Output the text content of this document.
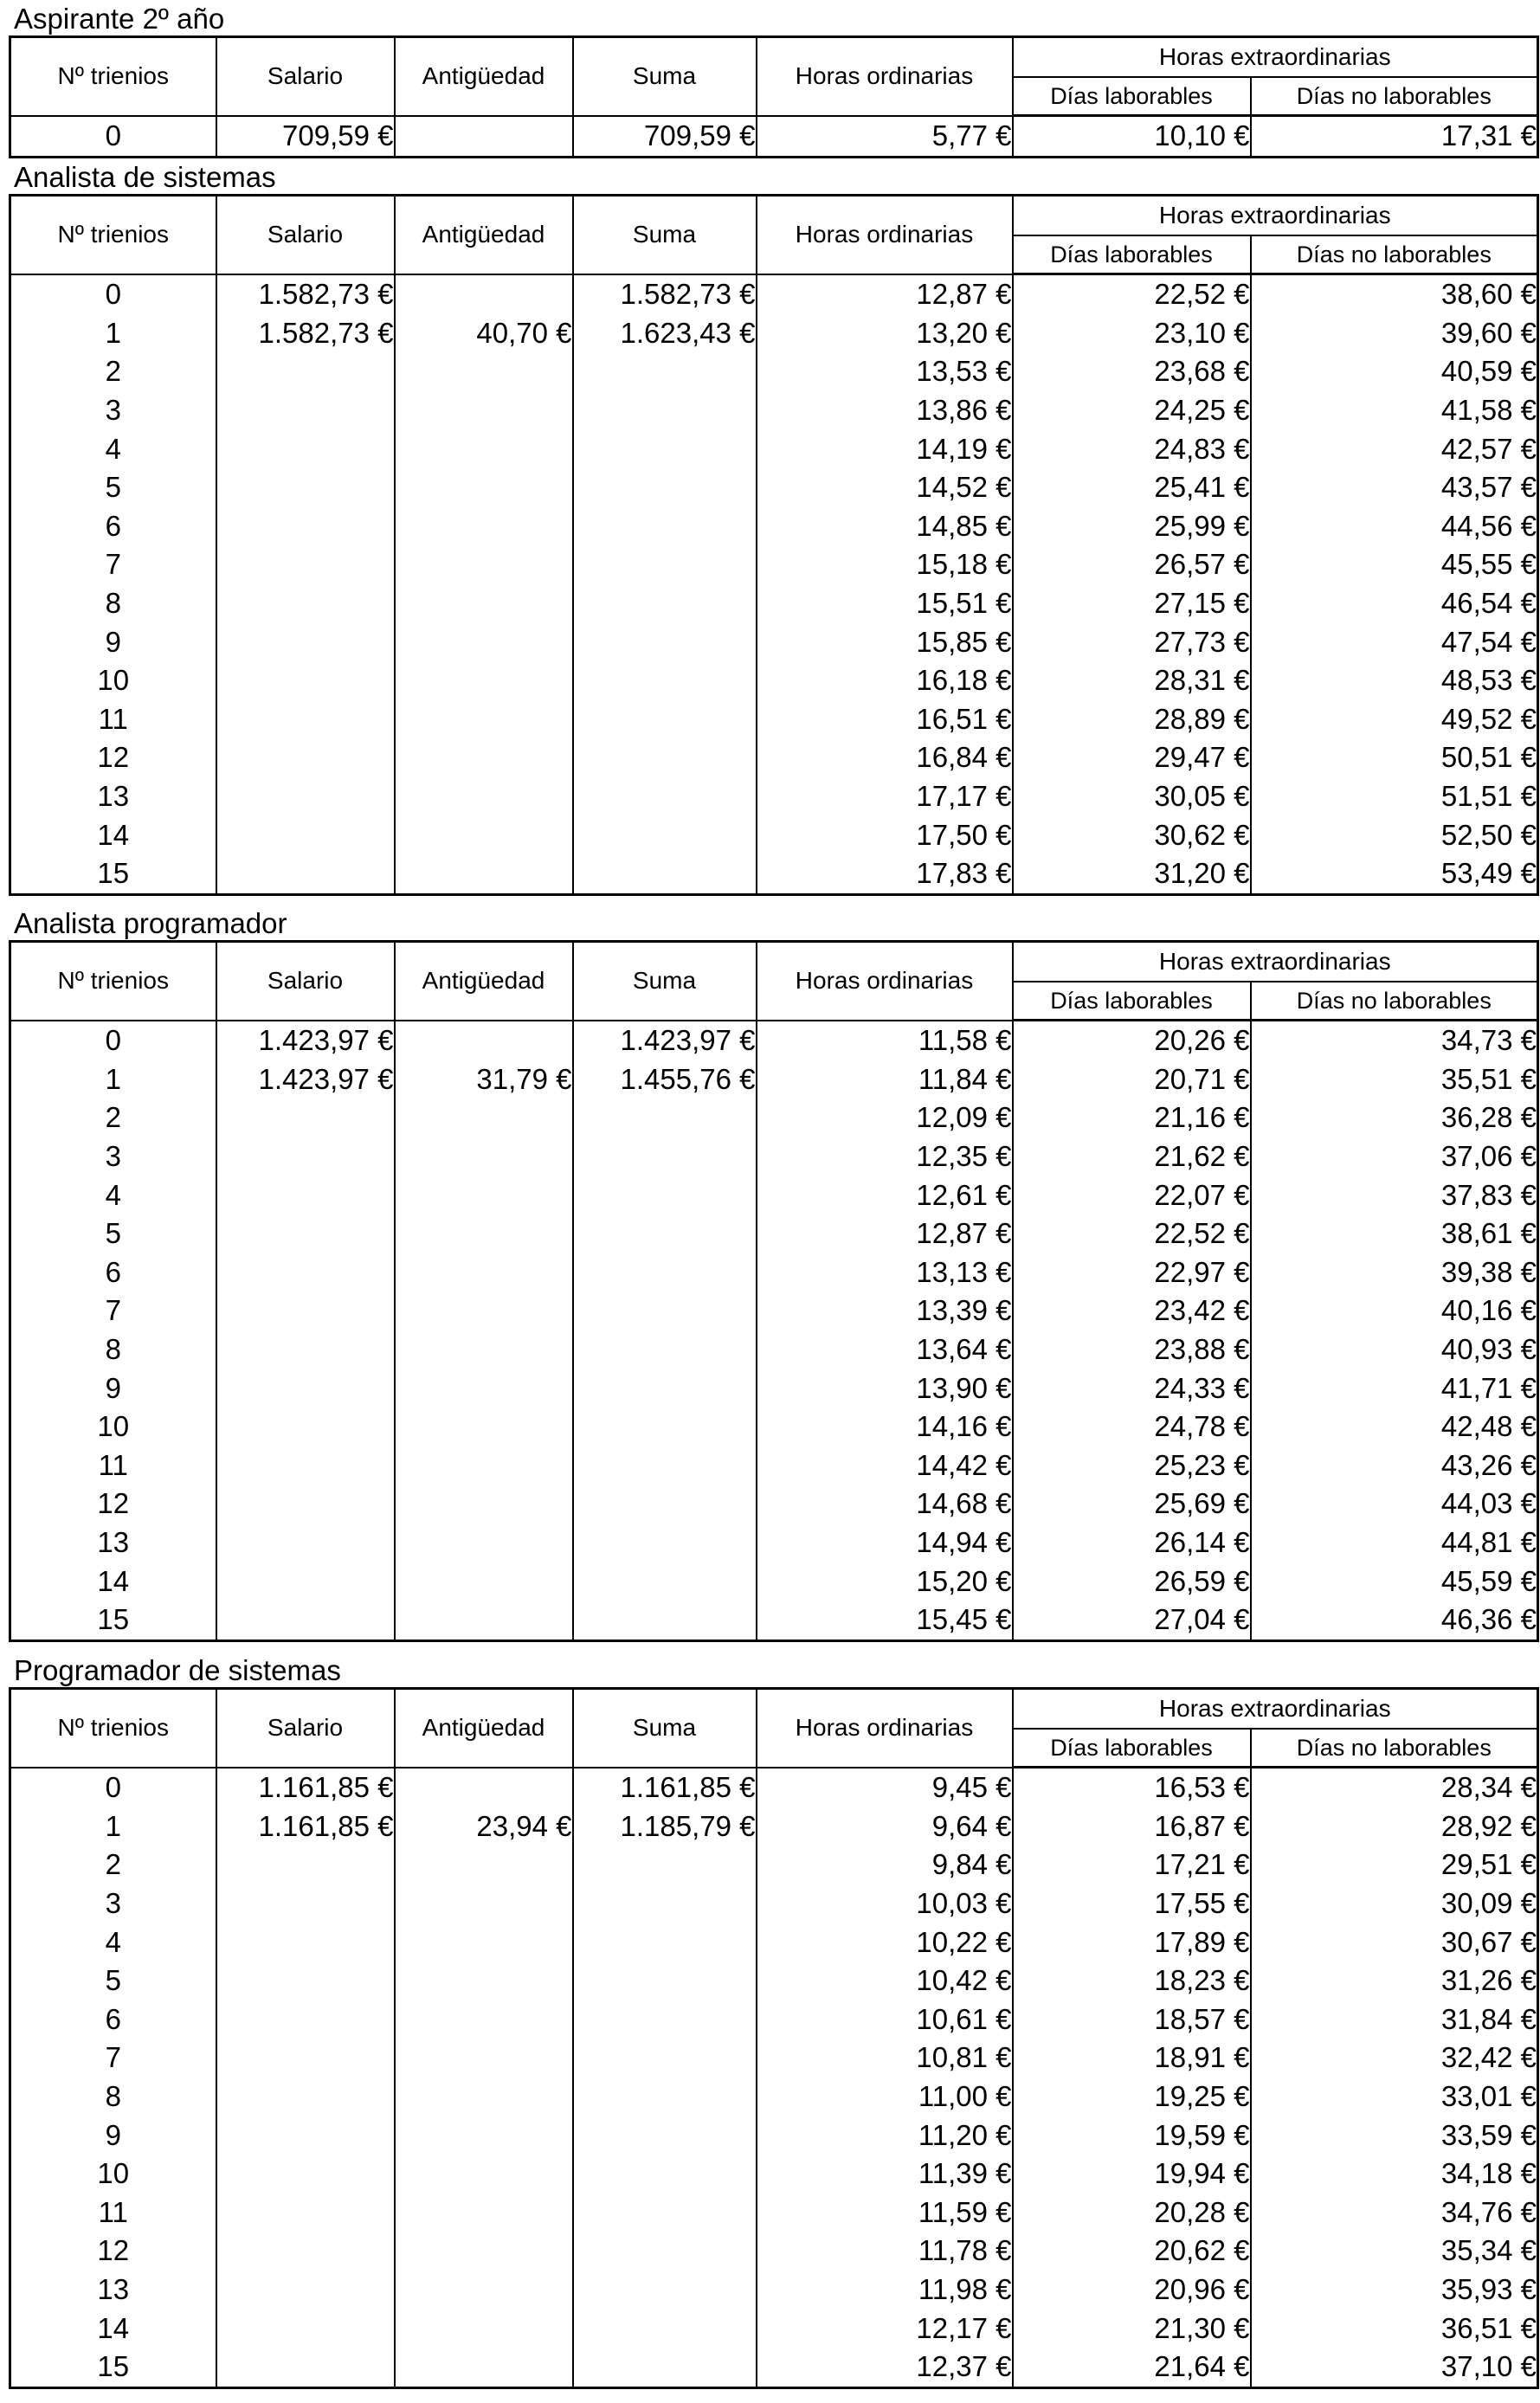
Aspirante 2º año
Nº trienios	Salario	Antigüedad	Suma	Horas ordinarias	Horas extraordinarias	
					Días laborables	Días no laborables
0	709,59 €		709,59 €	5,77 €	10,10 €	17,31 €
Analista de sistemas
Nº trienios	Salario	Antigüedad	Suma	Horas ordinarias	Horas extraordinarias	
					Días laborables	Días no laborables
0	1.582,73 €		1.582,73 €	12,87 €	22,52 €	38,60 €
1	1.582,73 €	40,70 €	1.623,43 €	13,20 €	23,10 €	39,60 €
2				13,53 €	23,68 €	40,59 €
3				13,86 €	24,25 €	41,58 €
4				14,19 €	24,83 €	42,57 €
5				14,52 €	25,41 €	43,57 €
6				14,85 €	25,99 €	44,56 €
7				15,18 €	26,57 €	45,55 €
8				15,51 €	27,15 €	46,54 €
9				15,85 €	27,73 €	47,54 €
10				16,18 €	28,31 €	48,53 €
11				16,51 €	28,89 €	49,52 €
12				16,84 €	29,47 €	50,51 €
13				17,17 €	30,05 €	51,51 €
14				17,50 €	30,62 €	52,50 €
15				17,83 €	31,20 €	53,49 €
Analista programador
Nº trienios	Salario	Antigüedad	Suma	Horas ordinarias	Horas extraordinarias	
					Días laborables	Días no laborables
0	1.423,97 €		1.423,97 €	11,58 €	20,26 €	34,73 €
1	1.423,97 €	31,79 €	1.455,76 €	11,84 €	20,71 €	35,51 €
2				12,09 €	21,16 €	36,28 €
3				12,35 €	21,62 €	37,06 €
4				12,61 €	22,07 €	37,83 €
5				12,87 €	22,52 €	38,61 €
6				13,13 €	22,97 €	39,38 €
7				13,39 €	23,42 €	40,16 €
8				13,64 €	23,88 €	40,93 €
9				13,90 €	24,33 €	41,71 €
10				14,16 €	24,78 €	42,48 €
11				14,42 €	25,23 €	43,26 €
12				14,68 €	25,69 €	44,03 €
13				14,94 €	26,14 €	44,81 €
14				15,20 €	26,59 €	45,59 €
15				15,45 €	27,04 €	46,36 €
Programador de sistemas
Nº trienios	Salario	Antigüedad	Suma	Horas ordinarias	Horas extraordinarias	
					Días laborables	Días no laborables
0	1.161,85 €		1.161,85 €	9,45 €	16,53 €	28,34 €
1	1.161,85 €	23,94 €	1.185,79 €	9,64 €	16,87 €	28,92 €
2				9,84 €	17,21 €	29,51 €
3				10,03 €	17,55 €	30,09 €
4				10,22 €	17,89 €	30,67 €
5				10,42 €	18,23 €	31,26 €
6				10,61 €	18,57 €	31,84 €
7				10,81 €	18,91 €	32,42 €
8				11,00 €	19,25 €	33,01 €
9				11,20 €	19,59 €	33,59 €
10				11,39 €	19,94 €	34,18 €
11				11,59 €	20,28 €	34,76 €
12				11,78 €	20,62 €	35,34 €
13				11,98 €	20,96 €	35,93 €
14				12,17 €	21,30 €	36,51 €
15				12,37 €	21,64 €	37,10 €
